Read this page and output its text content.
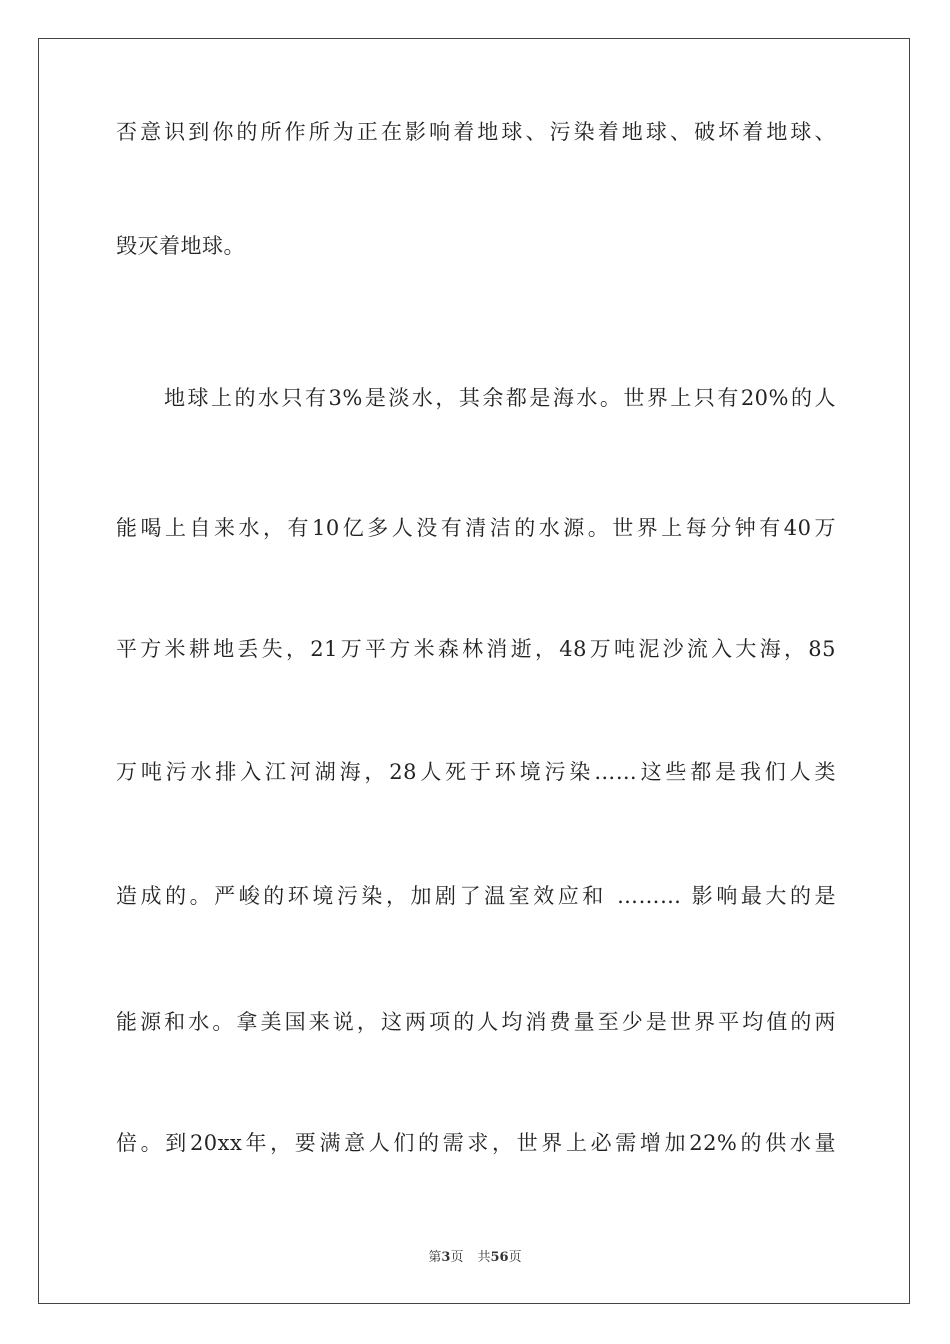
否意识到你的所作所为正在影响着地球、污染着地球、破坏着地球、
毁灭着地球。
地球上的水只有3%是淡水，其余都是海水。世界上只有20%的人
能喝上自来水，有10亿多人没有清洁的水源。世界上每分钟有40万
平方米耕地丢失，21万平方米森林消逝，48万吨泥沙流入大海，85
万吨污水排入江河湖海，28人死于环境污染……这些都是我们人类
造成的。严峻的环境污染，加剧了温室效应和 ……… 影响最大的是
能源和水。拿美国来说，这两项的人均消费量至少是世界平均值的两
倍。到20xx年，要满意人们的需求，世界上必需增加22%的供水量
第3页 共56页
